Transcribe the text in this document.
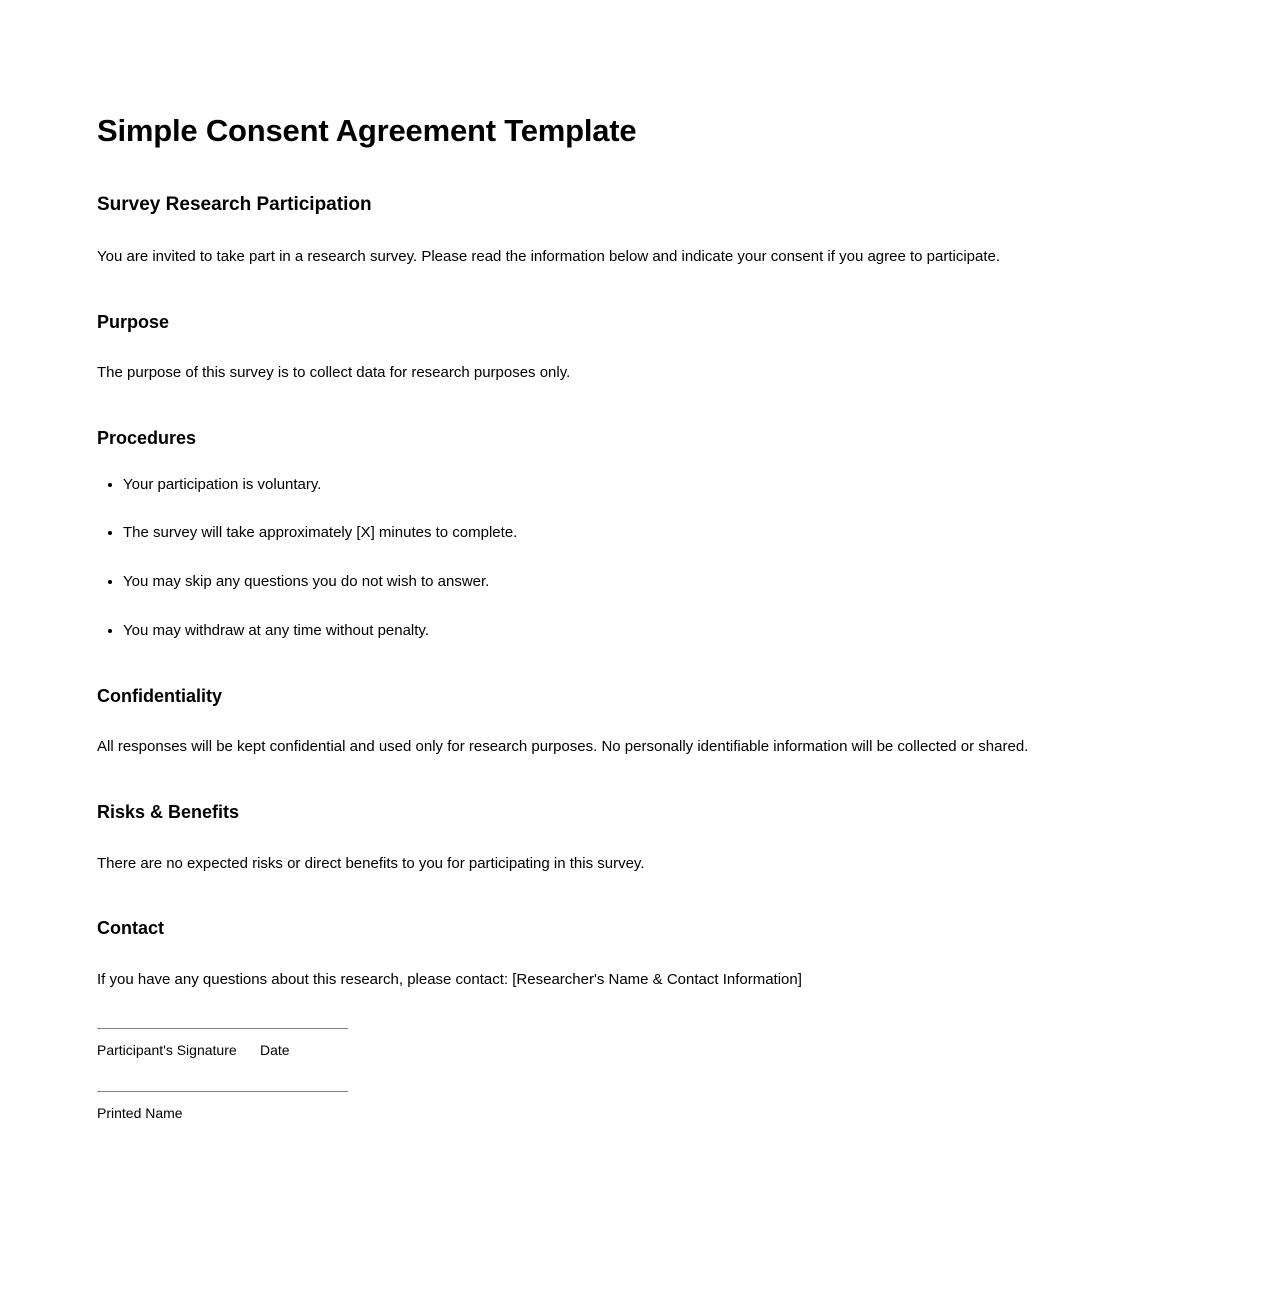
Simple Consent Agreement Template
Survey Research Participation

You are invited to take part in a research survey. Please read the information below and indicate your consent if you agree to participate.

Purpose

The purpose of this survey is to collect data for research purposes only.

Procedures
• Your participation is voluntary.
• The survey will take approximately [X] minutes to complete.
• You may skip any questions you do not wish to answer.
• You may withdraw at any time without penalty.
Confidentiality

All responses will be kept confidential and used only for research purposes. No personally identifiable information will be collected or shared.

Risks & Benefits

There are no expected risks or direct benefits to you for participating in this survey.

Contact

If you have any questions about this research, please contact: [Researcher's Name & Contact Information]

Participant's Signature      Date

Printed Name
